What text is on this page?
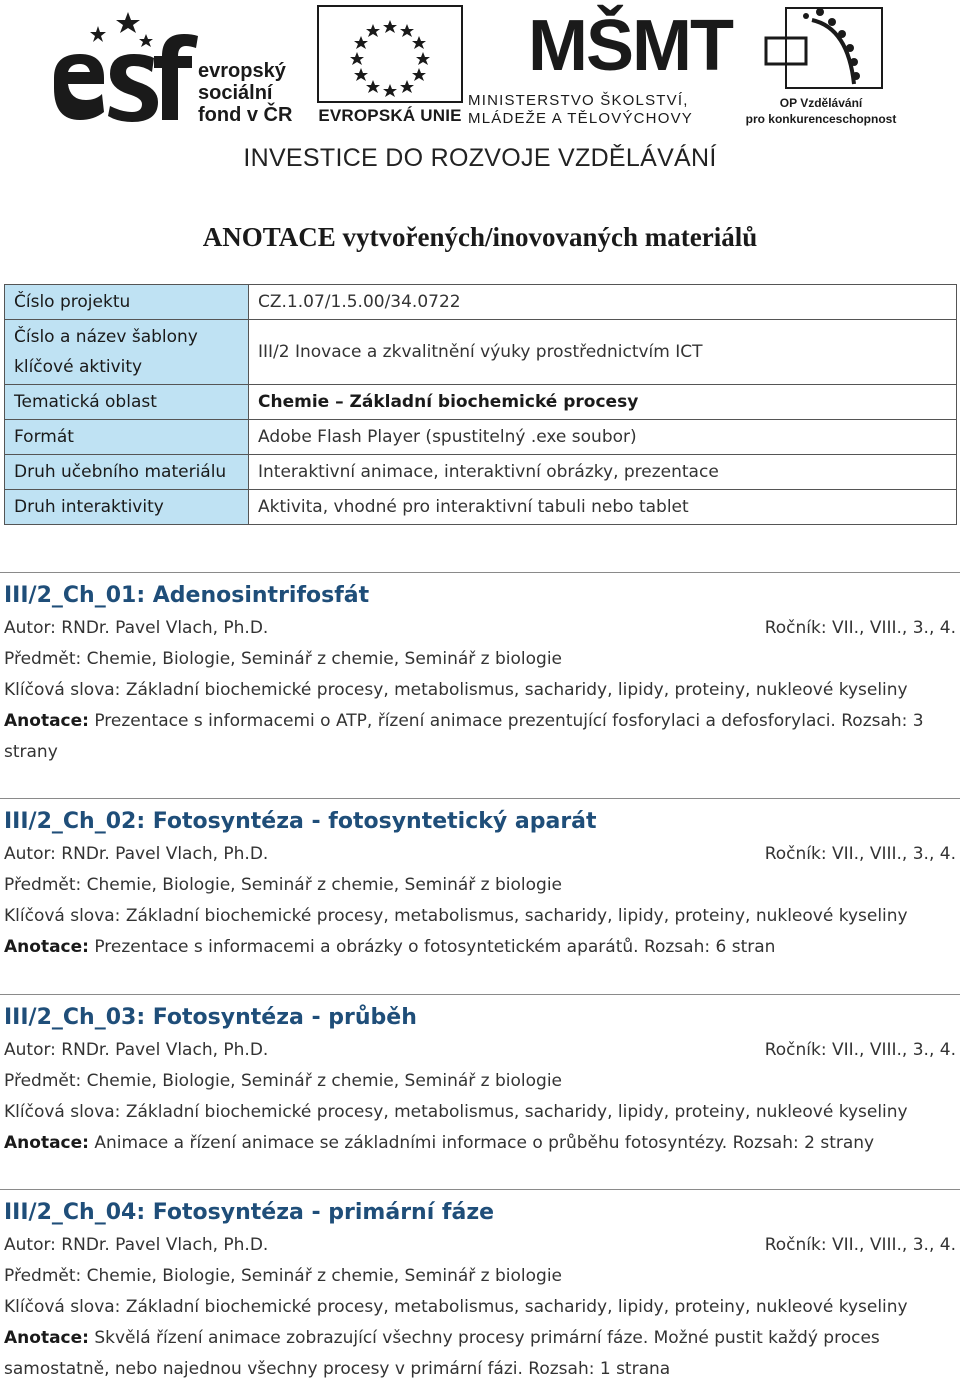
evropský
sociální
fond v ČR	EVROPSKÁ UNIE
MŠMT
MINISTERSTVO ŠKOLSTVÍ,
MLÁDEŽE A TĚLOVÝCHOVY
OP Vzdělávání
pro konkurenceschopnost
INVESTICE DO ROZVOJE VZDĚLÁVÁNÍ
ANOTACE vytvořených/inovovaných materiálů
Číslo projektu	CZ.1.07/1.5.00/34.0722
Číslo a název šablony klíčové aktivity	III/2 Inovace a zkvalitnění výuky prostřednictvím ICT
Tematická oblast	Chemie – Základní biochemické procesy
Formát	Adobe Flash Player (spustitelný .exe soubor)
Druh učebního materiálu	Interaktivní animace, interaktivní obrázky, prezentace
Druh interaktivity	Aktivita, vhodné pro interaktivní tabuli nebo tablet
III/2_Ch_01: Adenosintrifosfát
Autor: RNDr. Pavel Vlach, Ph.D.	Ročník: VII., VIII., 3., 4.
Předmět: Chemie, Biologie, Seminář z chemie, Seminář z biologie
Klíčová slova: Základní biochemické procesy, metabolismus, sacharidy, lipidy, proteiny, nukleové kyseliny
Anotace: Prezentace s informacemi o ATP, řízení animace prezentující fosforylaci a defosforylaci. Rozsah: 3 strany
III/2_Ch_02: Fotosyntéza - fotosyntetický aparát
Autor: RNDr. Pavel Vlach, Ph.D.	Ročník: VII., VIII., 3., 4.
Předmět: Chemie, Biologie, Seminář z chemie, Seminář z biologie
Klíčová slova: Základní biochemické procesy, metabolismus, sacharidy, lipidy, proteiny, nukleové kyseliny
Anotace: Prezentace s informacemi a obrázky o fotosyntetickém aparátů. Rozsah: 6 stran
III/2_Ch_03: Fotosyntéza - průběh
Autor: RNDr. Pavel Vlach, Ph.D.	Ročník: VII., VIII., 3., 4.
Předmět: Chemie, Biologie, Seminář z chemie, Seminář z biologie
Klíčová slova: Základní biochemické procesy, metabolismus, sacharidy, lipidy, proteiny, nukleové kyseliny
Anotace: Animace a řízení animace se základními informace o průběhu fotosyntézy. Rozsah: 2 strany
III/2_Ch_04: Fotosyntéza - primární fáze
Autor: RNDr. Pavel Vlach, Ph.D.	Ročník: VII., VIII., 3., 4.
Předmět: Chemie, Biologie, Seminář z chemie, Seminář z biologie
Klíčová slova: Základní biochemické procesy, metabolismus, sacharidy, lipidy, proteiny, nukleové kyseliny
Anotace: Skvělá řízení animace zobrazující všechny procesy primární fáze. Možné pustit každý proces samostatně, nebo najednou všechny procesy v primární fázi. Rozsah: 1 strana
